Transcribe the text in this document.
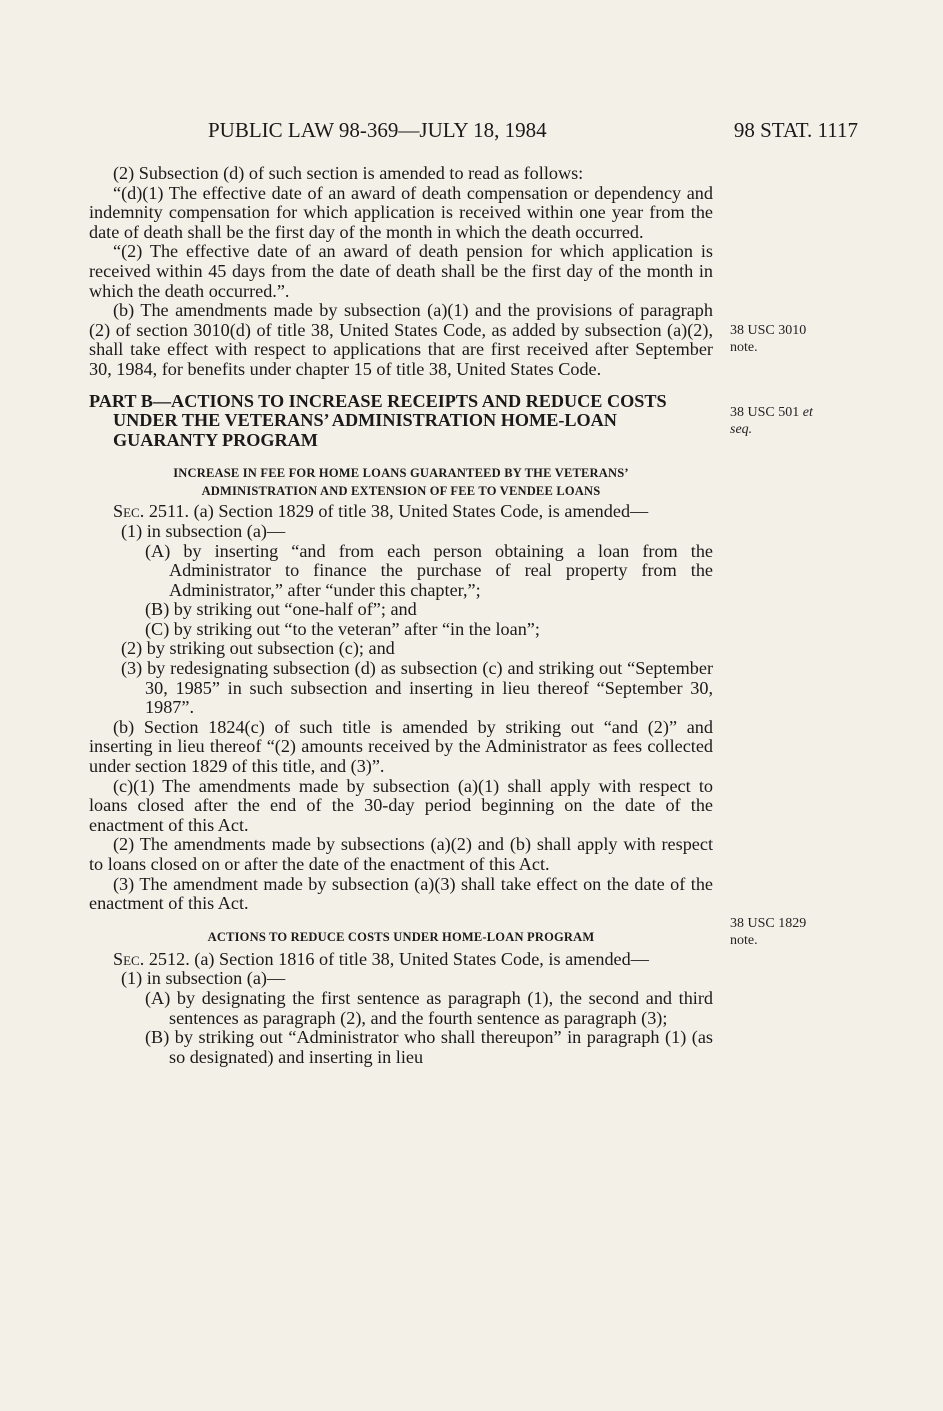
PUBLIC LAW 98-369—JULY 18, 1984	98 STAT. 1117

(2) Subsection (d) of such section is amended to read as follows:

“(d)(1) The effective date of an award of death compensation or dependency and indemnity compensation for which application is received within one year from the date of death shall be the first day of the month in which the death occurred.

“(2) The effective date of an award of death pension for which application is received within 45 days from the date of death shall be the first day of the month in which the death occurred.”.

(b) The amendments made by subsection (a)(1) and the provisions of paragraph (2) of section 3010(d) of title 38, United States Code, as added by subsection (a)(2), shall take effect with respect to applications that are first received after September 30, 1984, for benefits under chapter 15 of title 38, United States Code.

PART B—ACTIONS TO INCREASE RECEIPTS AND REDUCE COSTS UNDER THE VETERANS’ ADMINISTRATION HOME-LOAN GUARANTY PROGRAM

INCREASE IN FEE FOR HOME LOANS GUARANTEED BY THE VETERANS’
ADMINISTRATION AND EXTENSION OF FEE TO VENDEE LOANS

Sec. 2511. (a) Section 1829 of title 38, United States Code, is amended—

(1) in subsection (a)—

(A) by inserting “and from each person obtaining a loan from the Administrator to finance the purchase of real property from the Administrator,” after “under this chapter,”;

(B) by striking out “one-half of”; and

(C) by striking out “to the veteran” after “in the loan”;

(2) by striking out subsection (c); and

(3) by redesignating subsection (d) as subsection (c) and striking out “September 30, 1985” in such subsection and inserting in lieu thereof “September 30, 1987”.

(b) Section 1824(c) of such title is amended by striking out “and (2)” and inserting in lieu thereof “(2) amounts received by the Administrator as fees collected under section 1829 of this title, and (3)”.

(c)(1) The amendments made by subsection (a)(1) shall apply with respect to loans closed after the end of the 30-day period beginning on the date of the enactment of this Act.

(2) The amendments made by subsections (a)(2) and (b) shall apply with respect to loans closed on or after the date of the enactment of this Act.

(3) The amendment made by subsection (a)(3) shall take effect on the date of the enactment of this Act.

ACTIONS TO REDUCE COSTS UNDER HOME-LOAN PROGRAM

Sec. 2512. (a) Section 1816 of title 38, United States Code, is amended—

(1) in subsection (a)—

(A) by designating the first sentence as paragraph (1), the second and third sentences as paragraph (2), and the fourth sentence as paragraph (3);

(B) by striking out “Administrator who shall thereupon” in paragraph (1) (as so designated) and inserting in lieu

38 USC 3010
note.
38 USC 501 et
seq.
38 USC 1829
note.
